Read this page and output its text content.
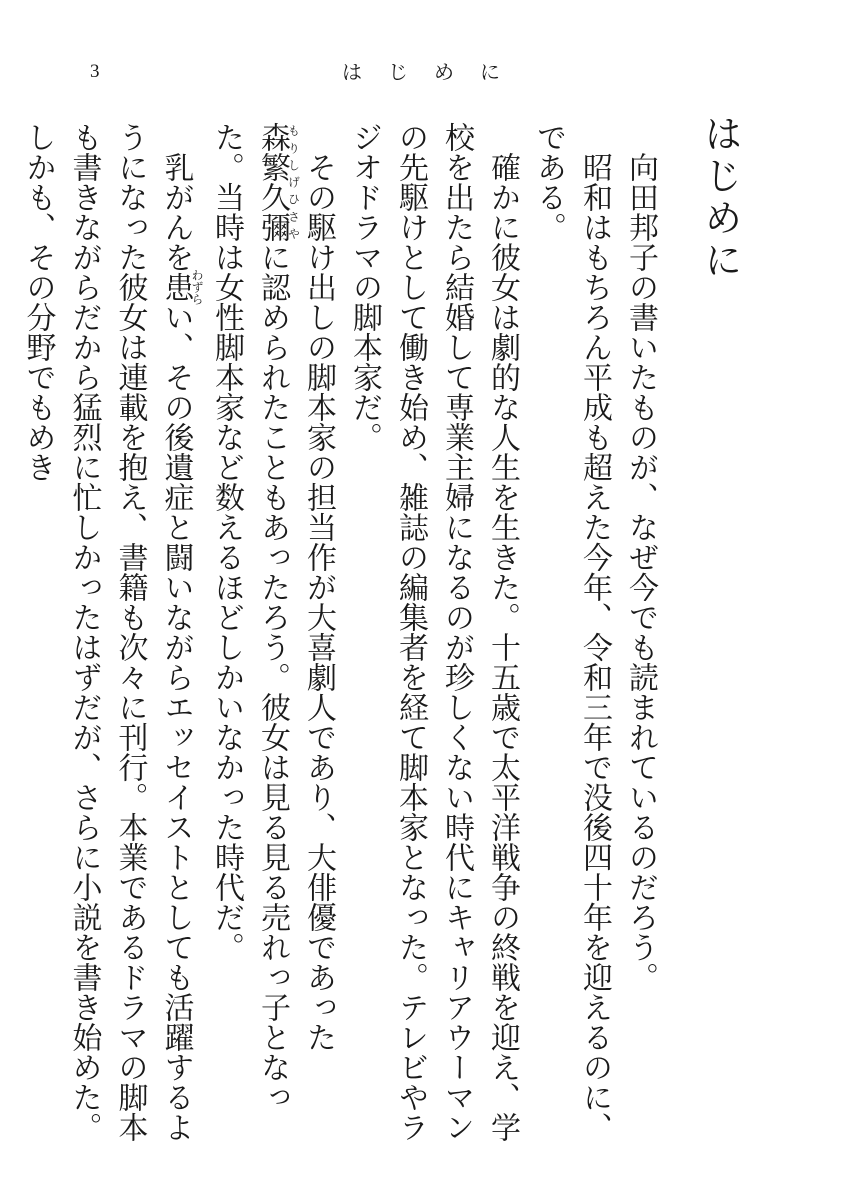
3	は じ め に
はじめに

向田邦子の書いたものが、なぜ今でも読まれているのだろう。

昭和はもちろん平成も超えた今年、令和三年で没後四十年を迎えるのに、である。

確かに彼女は劇的な人生を生きた。十五歳で太平洋戦争の終戦を迎え、学校を出たら結婚して専業主婦になるのが珍しくない時代にキャリアウーマンの先駆けとして働き始め、雑誌の編集者を経て脚本家となった。テレビやラジオドラマの脚本家だ。

その駆け出しの脚本家の担当作が大喜劇人であり、大俳優であった森繁久彌もりしげひさやに認められたこともあったろう。彼女は見る見る売れっ子となった。当時は女性脚本家など数えるほどしかいなかった時代だ。

乳がんを患わずらい、その後遺症と闘いながらエッセイストとしても活躍するようになった彼女は連載を抱え、書籍も次々に刊行。本業であるドラマの脚本も書きながらだから猛烈に忙しかったはずだが、さらに小説を書き始めた。しかも、その分野でもめき
